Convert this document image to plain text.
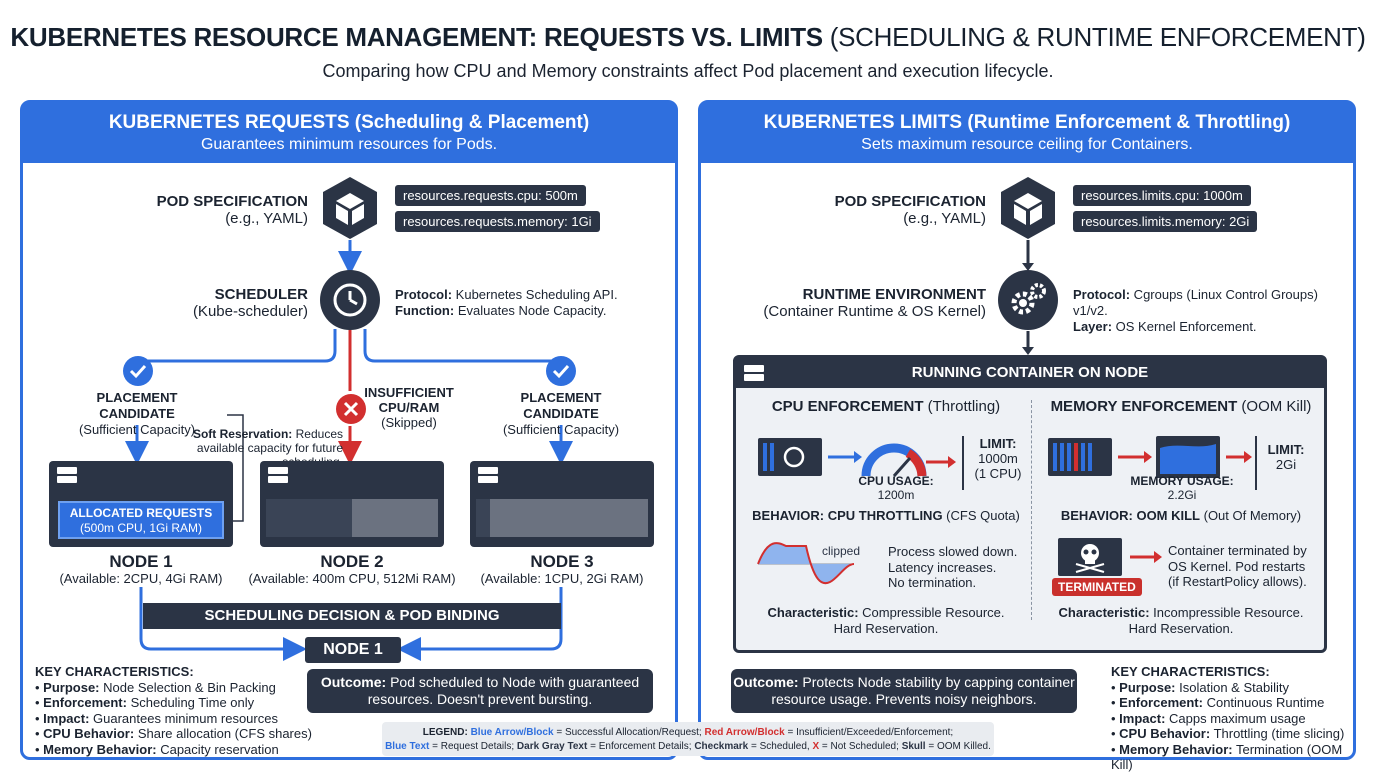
KUBERNETES RESOURCE MANAGEMENT: REQUESTS VS. LIMITS (SCHEDULING & RUNTIME ENFORCEMENT)
Comparing how CPU and Memory constraints affect Pod placement and execution lifecycle.
KUBERNETES REQUESTS (Scheduling & Placement)
Guarantees minimum resources for Pods.
POD SPECIFICATION
(e.g., YAML)
resources.requests.cpu: 500m
resources.requests.memory: 1Gi
SCHEDULER
(Kube-scheduler)
Protocol: Kubernetes Scheduling API.
Function: Evaluates Node Capacity.
PLACEMENT CANDIDATE
(Sufficient Capacity)
INSUFFICIENT
CPU/RAM
(Skipped)
PLACEMENT CANDIDATE
(Sufficient Capacity)
Soft Reservation: Reduces
available capacity for future
ALLOCATED REQUESTS
(500m CPU, 1Gi RAM)
NODE 1
(Available: 2CPU, 4Gi RAM)
NODE 2
(Available: 400m CPU, 512Mi RAM)
NODE 3
(Available: 1CPU, 2Gi RAM)
SCHEDULING DECISION & POD BINDING
NODE 1
KEY CHARACTERISTICS:
• Purpose: Node Selection & Bin Packing
• Enforcement: Scheduling Time only
• Impact: Guarantees minimum resources
• CPU Behavior: Share allocation (CFS shares)
• Memory Behavior: Capacity reservation
Outcome: Pod scheduled to Node with guaranteed
resources. Doesn't prevent bursting.
KUBERNETES LIMITS (Runtime Enforcement & Throttling)
Sets maximum resource ceiling for Containers.
POD SPECIFICATION
(e.g., YAML)
resources.limits.cpu: 1000m
resources.limits.memory: 2Gi
RUNTIME ENVIRONMENT
(Container Runtime & OS Kernel)
Protocol: Cgroups (Linux Control Groups) v1/v2.
Layer: OS Kernel Enforcement.
RUNNING CONTAINER ON NODE
CPU ENFORCEMENT (Throttling)
CPU USAGE:
1200m
LIMIT:
1000m
(1 CPU)
BEHAVIOR: CPU THROTTLING (CFS Quota)
clipped Process slowed down.
Latency increases.
No termination.
Characteristic: Compressible Resource.
Hard Reservation.
MEMORY ENFORCEMENT (OOM Kill)
MEMORY USAGE:
2.2Gi
LIMIT:
2Gi
BEHAVIOR: OOM KILL (Out Of Memory)
TERMINATED
Container terminated by
OS Kernel. Pod restarts
(if RestartPolicy allows).
Characteristic: Incompressible Resource.
Hard Reservation.
Outcome: Protects Node stability by capping container
resource usage. Prevents noisy neighbors.
KEY CHARACTERISTICS:
• Purpose: Isolation & Stability
• Enforcement: Continuous Runtime
• Impact: Capps maximum usage
• CPU Behavior: Throttling (time slicing)
• Memory Behavior: Termination (OOM Kill)
LEGEND: Blue Arrow/Block = Successful Allocation/Request; Red Arrow/Block = Insufficient/Exceeded/Enforcement;
Blue Text = Request Details; Dark Gray Text = Enforcement Details; Checkmark = Scheduled, X = Not Scheduled; Skull = OOM Killed.
